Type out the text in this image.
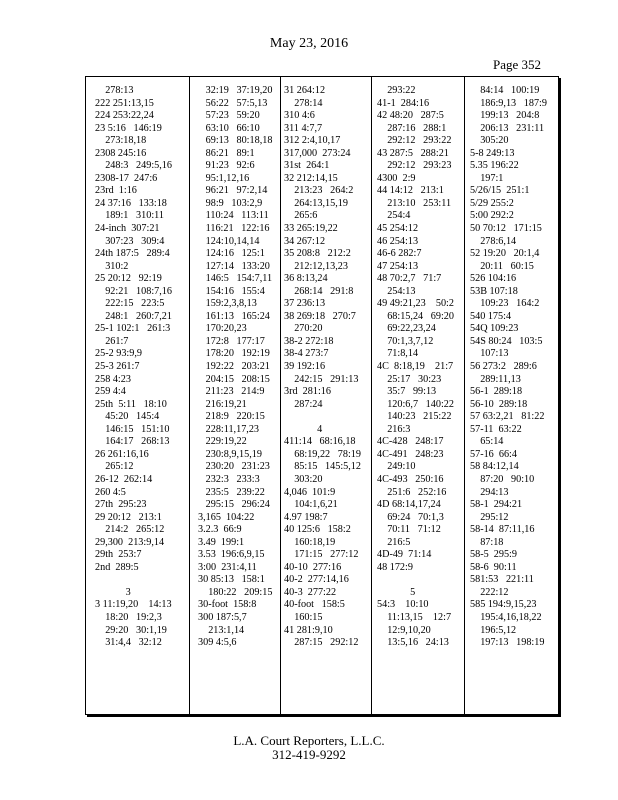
May 23, 2016
Page 352
278:13
222 251:13,15
224 253:22,24
23 5:16   146:19
273:18,18
2308 245:16
248:3   249:5,16
2308-17  247:6
23rd  1:16
24 37:16   133:18
189:1   310:11
24-inch  307:21
307:23   309:4
24th 187:5   289:4
310:2
25 20:12   92:19
92:21   108:7,16
222:15   223:5
248:1   260:7,21
25-1 102:1   261:3
261:7
25-2 93:9,9
25-3 261:7
258 4:23
259 4:4
25th  5:11   18:10
45:20   145:4
146:15   151:10
164:17   268:13
26 261:16,16
265:12
26-12  262:14
260 4:5
27th  295:23
29 20:12   213:1
214:2   265:12
29,300  213:9,14
29th  253:7
2nd  289:5

3
3 11:19,20    14:13
18:20   19:2,3
29:20   30:1,19
31:4,4   32:12
32:19   37:19,20
56:22   57:5,13
57:23   59:20
63:10   66:10
69:13   80:18,18
86:21   89:1
91:23   92:6
95:1,12,16
96:21   97:2,14
98:9   103:2,9
110:24   113:11
116:21   122:16
124:10,14,14
124:16   125:1
127:14   133:20
146:5   154:7,11
154:16   155:4
159:2,3,8,13
161:13   165:24
170:20,23
172:8   177:17
178:20   192:19
192:22   203:21
204:15   208:15
211:23   214:9
216:19,21
218:9   220:15
228:11,17,23
229:19,22
230:8,9,15,19
230:20   231:23
232:3   233:3
235:5   239:22
295:15   296:24
3,165  104:22
3.2.3  66:9
3.49  199:1
3.53  196:6,9,15
3:00  231:4,11
30 85:13   158:1
180:22   209:15
30-foot  158:8
300 187:5,7
213:1,14
309 4:5,6
31 264:12
278:14
310 4:6
311 4:7,7
312 2:4,10,17
317,000  273:24
31st  264:1
32 212:14,15
213:23   264:2
264:13,15,19
265:6
33 265:19,22
34 267:12
35 208:8   212:2
212:12,13,23
36 8:13,24
268:14   291:8
37 236:13
38 269:18   270:7
270:20
38-2 272:18
38-4 273:7
39 192:16
242:15   291:13
3rd  281:16
287:24

4
411:14   68:16,18
68:19,22   78:19
85:15   145:5,12
303:20
4,046  101:9
104:1,6,21
4.97 198:7
40 125:6   158:2
160:18,19
171:15   277:12
40-10  277:16
40-2  277:14,16
40-3  277:22
40-foot   158:5
160:15
41 281:9,10
287:15   292:12
293:22
41-1  284:16
42 48:20   287:5
287:16   288:1
292:12   293:22
43 287:5   288:21
292:12   293:23
4300  2:9
44 14:12   213:1
213:10   253:11
254:4
45 254:12
46 254:13
46-6 282:7
47 254:13
48 70:2,7   71:7
254:13
49 49:21,23    50:2
68:15,24   69:20
69:22,23,24
70:1,3,7,12
71:8,14
4C  8:18,19    21:7
25:17   30:23
35:7   99:13
120:6,7   140:22
140:23   215:22
216:3
4C-428   248:17
4C-491   248:23
249:10
4C-493   250:16
251:6   252:16
4D 68:14,17,24
69:24   70:1,3
70:11   71:12
216:5
4D-49  71:14
48 172:9

5
54:3    10:10
11:13,15    12:7
12:9,10,20
13:5,16   24:13
84:14   100:19
186:9,13   187:9
199:13   204:8
206:13   231:11
305:20
5-8 249:13
5.35 196:22
197:1
5/26/15  251:1
5/29 255:2
5:00 292:2
50 70:12   171:15
278:6,14
52 19:20   20:1,4
20:11   60:15
526 104:16
53B 107:18
109:23   164:2
540 175:4
54Q 109:23
54S 80:24   103:5
107:13
56 273:2   289:6
289:11,13
56-1  289:18
56-10  289:18
57 63:2,21   81:22
57-11  63:22
65:14
57-16  66:4
58 84:12,14
87:20   90:10
294:13
58-1  294:21
295:12
58-14  87:11,16
87:18
58-5  295:9
58-6  90:11
581:53   221:11
222:12
585 194:9,15,23
195:4,16,18,22
196:5,12
197:13   198:19
L.A. Court Reporters, L.L.C.
312-419-9292
